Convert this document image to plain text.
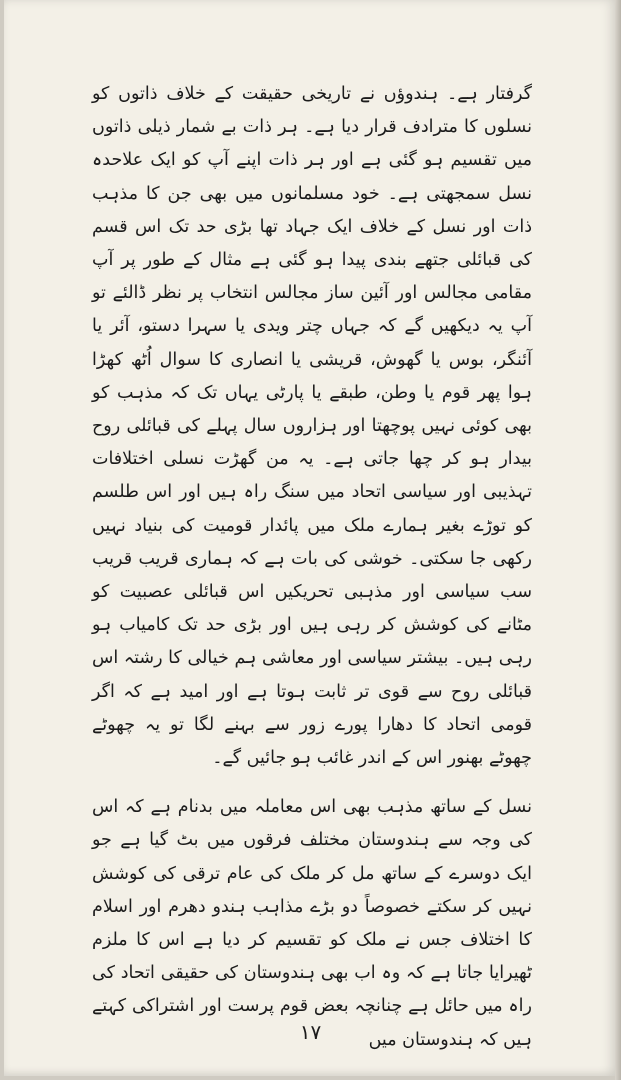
گرفتار ہے۔ ہندوؤں نے تاریخی حقیقت کے خلاف ذاتوں کو نسلوں کا مترادف قرار دیا ہے۔ ہر ذات بے شمار ذیلی ذاتوں میں تقسیم ہو گئی ہے اور ہر ذات اپنے آپ کو ایک علاحدہ نسل سمجھتی ہے۔ خود مسلمانوں میں بھی جن کا مذہب ذات اور نسل کے خلاف ایک جہاد تھا بڑی حد تک اس قسم کی قبائلی جتھے بندی پیدا ہو گئی ہے مثال کے طور پر آپ مقامی مجالس اور آئین ساز مجالس انتخاب پر نظر ڈالئے تو آپ یہ دیکھیں گے کہ جہاں چتر ویدی یا سہرا دستو، آئر یا آئنگر، بوس یا گھوش، قریشی یا انصاری کا سوال اُٹھ کھڑا ہوا پھر قوم یا وطن، طبقے یا پارٹی یہاں تک کہ مذہب کو بھی کوئی نہیں پوچھتا اور ہزاروں سال پہلے کی قبائلی روح بیدار ہو کر چھا جاتی ہے۔ یہ من گھڑت نسلی اختلافات تہذیبی اور سیاسی اتحاد میں سنگ راہ ہیں اور اس طلسم کو توڑے بغیر ہمارے ملک میں پائدار قومیت کی بنیاد نہیں رکھی جا سکتی۔ خوشی کی بات ہے کہ ہماری قریب قریب سب سیاسی اور مذہبی تحریکیں اس قبائلی عصبیت کو مٹانے کی کوشش کر رہی ہیں اور بڑی حد تک کامیاب ہو رہی ہیں۔ بیشتر سیاسی اور معاشی ہم خیالی کا رشتہ اس قبائلی روح سے قوی تر ثابت ہوتا ہے اور امید ہے کہ اگر قومی اتحاد کا دھارا پورے زور سے بہنے لگا تو یہ چھوٹے چھوٹے بھنور اس کے اندر غائب ہو جائیں گے۔

نسل کے ساتھ مذہب بھی اس معاملہ میں بدنام ہے کہ اس کی وجہ سے ہندوستان مختلف فرقوں میں بٹ گیا ہے جو ایک دوسرے کے ساتھ مل کر ملک کی عام ترقی کی کوشش نہیں کر سکتے خصوصاً دو بڑے مذاہب ہندو دھرم اور اسلام کا اختلاف جس نے ملک کو تقسیم کر دیا ہے اس کا ملزم ٹھیرایا جاتا ہے کہ وہ اب بھی ہندوستان کی حقیقی اتحاد کی راہ میں حائل ہے چنانچہ بعض قوم پرست اور اشتراکی کہتے ہیں کہ ہندوستان میں

۱۷
